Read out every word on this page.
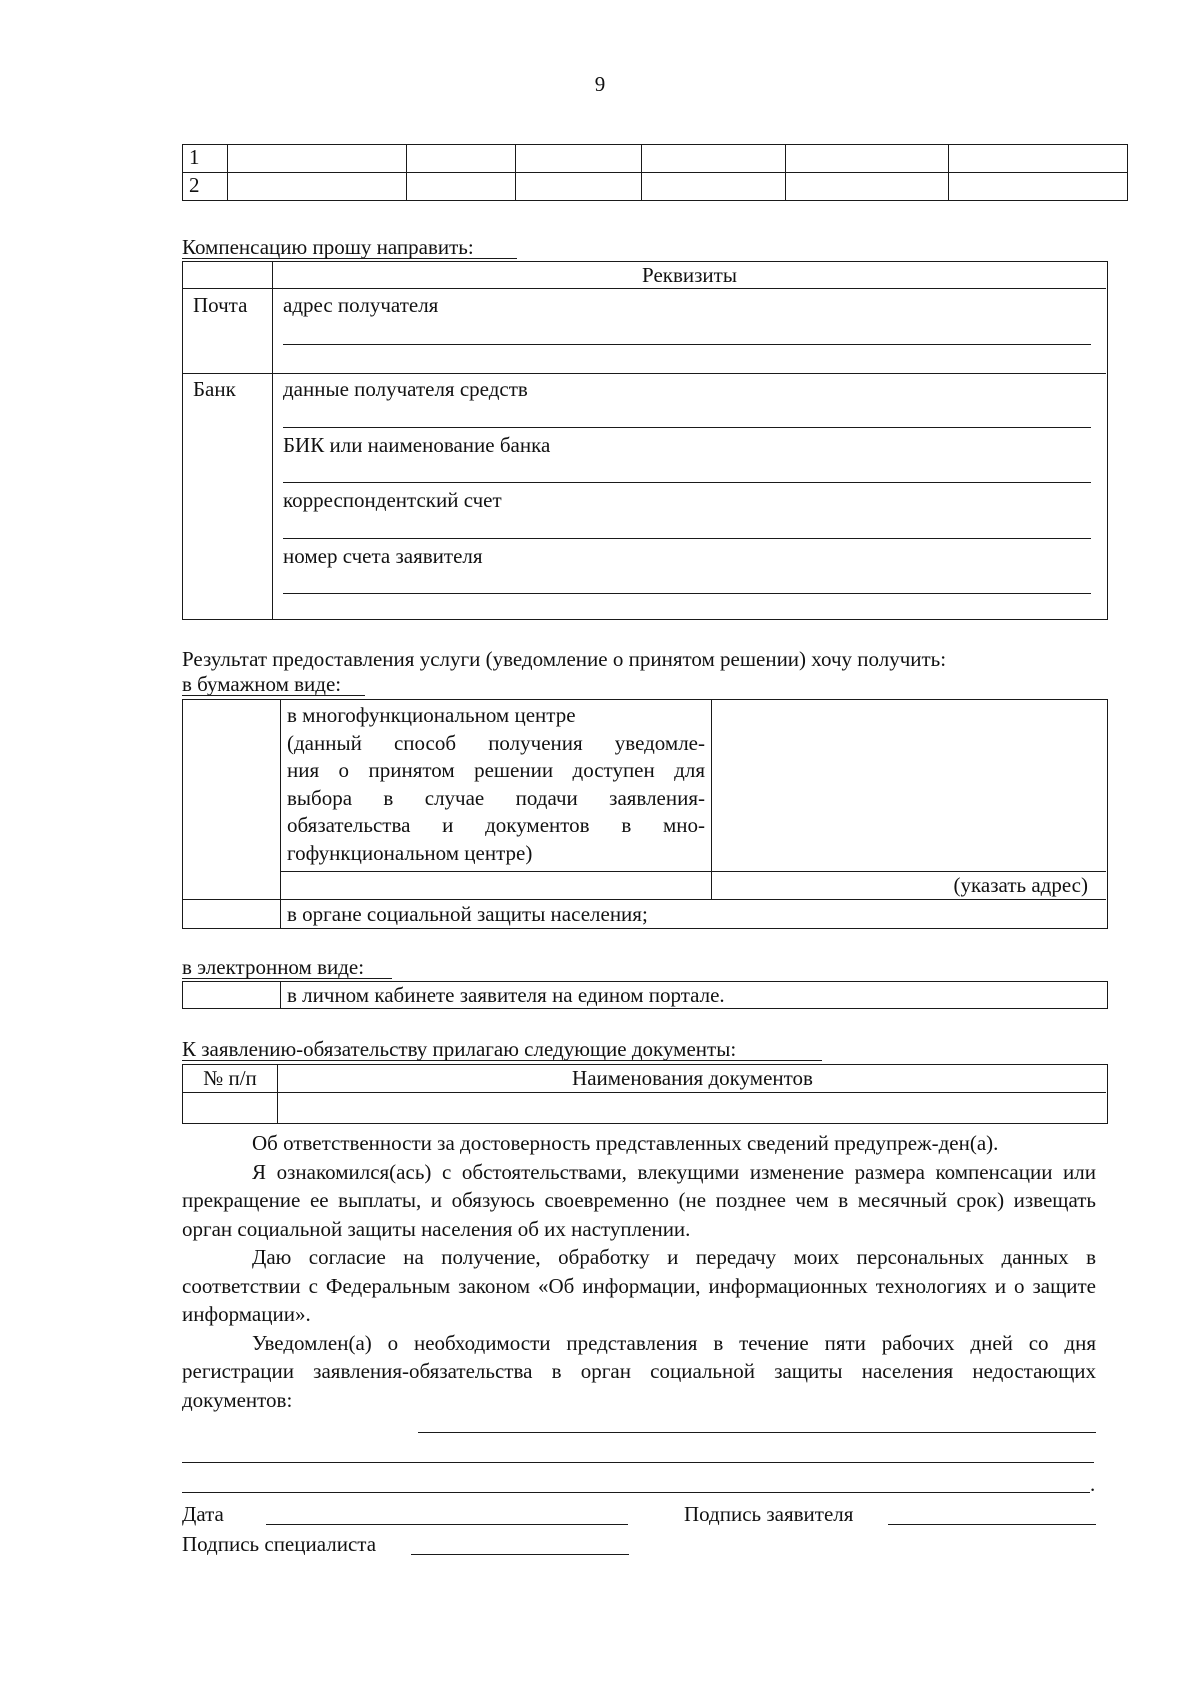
9
1						
2						
Компенсацию прошу направить:
Реквизиты
Почта адрес получателя
Банк данные получателя средств
БИК или наименование банка
корреспондентский счет
номер счета заявителя
Результат предоставления услуги (уведомление о принятом решении) хочу получить:
в бумажном виде:
в многофункциональном центре
(данный способ получения уведомле-
ния о принятом решении доступен для
выбора в случае подачи заявления-
обязательства и документов в мно-
гофункциональном центре)
(указать адрес)
в органе социальной защиты населения;
в электронном виде:
в личном кабинете заявителя на едином портале.
К заявлению-обязательству прилагаю следующие документы:
№ п/п	Наименования документов
Об ответственности за достоверность представленных сведений предупреж-ден(а).
Я ознакомился(ась) с обстоятельствами, влекущими изменение размера компенсации или прекращение ее выплаты, и обязуюсь своевременно (не позднее чем в месячный срок) извещать орган социальной защиты населения об их наступлении.
Даю согласие на получение, обработку и передачу моих персональных данных в соответствии с Федеральным законом «Об информации, информационных технологиях и о защите информации».
Уведомлен(а) о необходимости представления в течение пяти рабочих дней со дня регистрации заявления-обязательства в орган социальной защиты населения недостающих документов:
.
Дата	Подпись заявителя
Подпись специалиста
